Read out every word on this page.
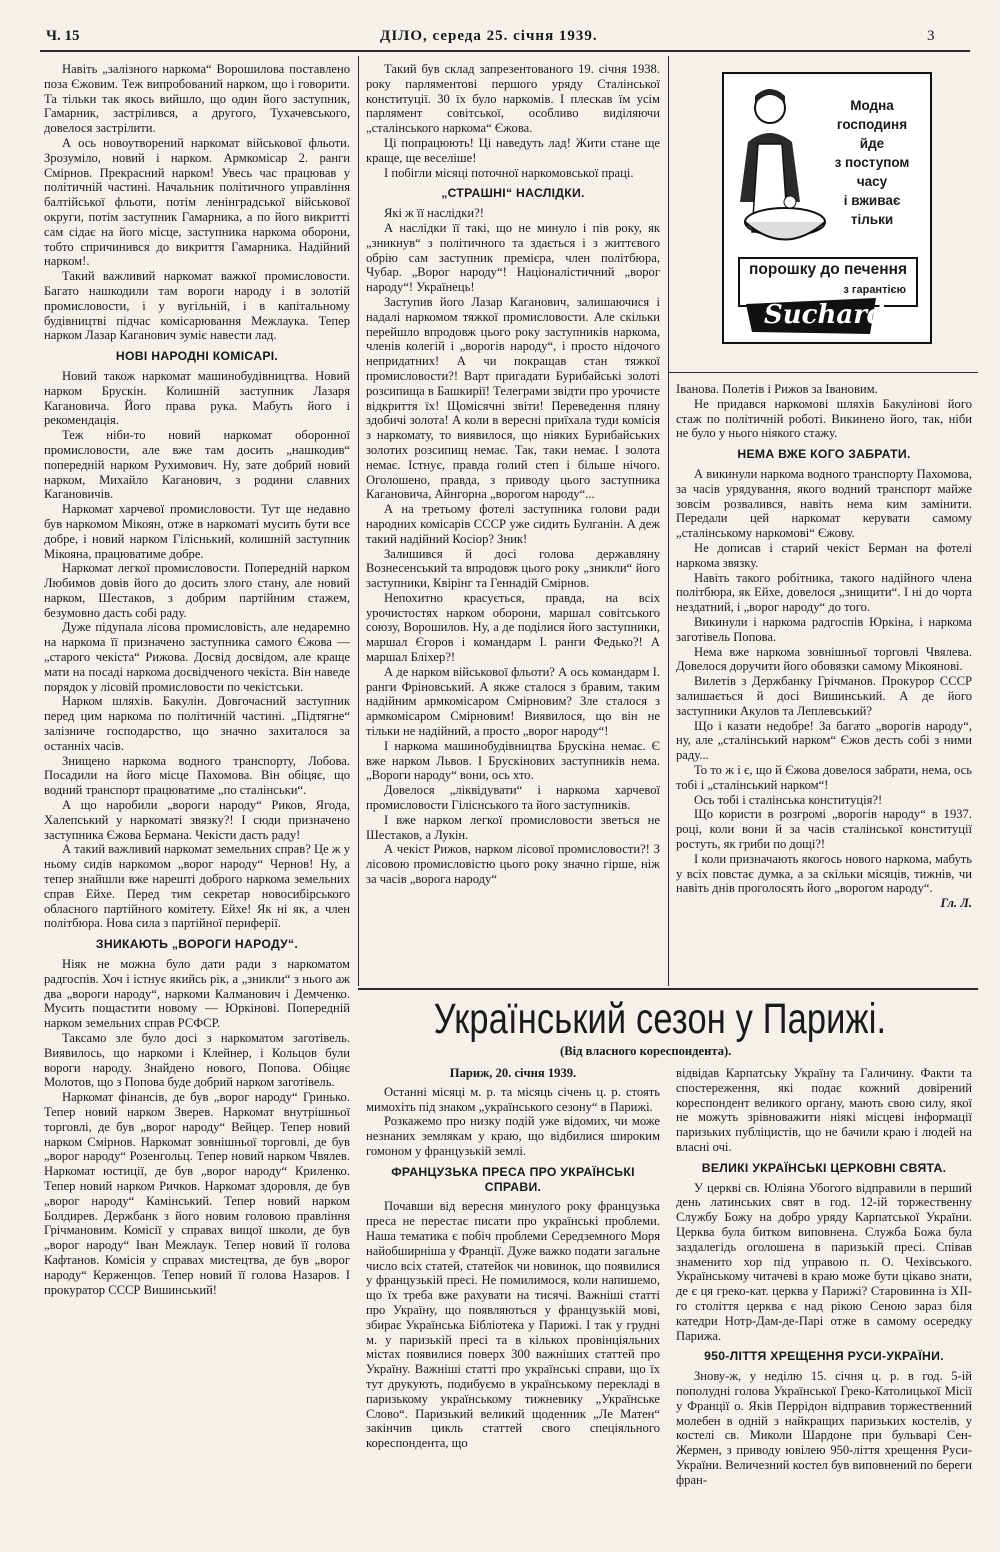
Ч. 15	ДІЛО, середа 25. січня 1939.	3

Навіть „залізного наркома“ Ворошилова поставлено поза Єжовим. Теж випробований нарком, що і говорити. Та тільки так якось вийшло, що один його заступник, Гамарник, застрілився, а другого, Тухачевського, довелося застрілити.

А ось новоутворений наркомат військової фльоти. Зрозуміло, новий і нарком. Армкомісар 2. ранги Смірнов. Прекрасний нарком! Увесь час працював у політичній частині. Начальник політичного управління балтійської фльоти, потім ленінградської військової округи, потім заступник Гамарника, а по його викритті сам сідає на його місце, заступника наркома оборони, тобто спричинився до викриття Гамарника. Надійний нарком!.

Такий важливий наркомат важкої промисловости. Багато нашкодили там вороги народу і в золотій промисловости, і у вугільній, і в капітальному будівництві підчас комісарювання Межлаука. Тепер нарком Лазар Каганович зуміє навести лад.

НОВІ НАРОДНІ КОМІСАРІ.

Новий також наркомат машинобудівництва. Новий нарком Брускін. Колишній заступник Лазаря Кагановича. Його права рука. Мабуть його і рекомендація.

Теж ніби-то новий наркомат оборонної промисловости, але вже там досить „нашкодив“ попередній нарком Рухимович. Ну, зате добрий новий нарком, Михайло Каганович, з родини славних Кагановичів.

Наркомат харчевої промисловости. Тут ще недавно був наркомом Мікоян, отже в наркоматі мусить бути все добре, і новий нарком Гіліснький, колишній заступник Мікояна, працюватиме добре.

Наркомат легкої промисловости. Попередній нарком Любимов довів його до досить злого стану, але новий нарком, Шестаков, з добрим партійним стажем, безумовно дасть собі раду.

Дуже підупала лісова промисловість, але недаремно на наркома її призначено заступника самого Єжова — „старого чекіста“ Рижова. Досвід досвідом, але краще мати на посаді наркома досвідченого чекіста. Він наведе порядок у лісовій промисловости по чекістськи.

Нарком шляхів. Бакулін. Довгочасний заступник перед цим наркома по політичній частині. „Підтягне“ залізниче господарство, що значно захиталося за останніх часів.

Знищено наркома водного транспорту, Лобова. Посадили на його місце Пахомова. Він обіцяє, що водний транспорт працюватиме „по сталінськи“.

А що наробили „вороги народу“ Риков, Ягода, Халепський у наркоматі звязку?! І сюди призначено заступника Єжова Бермана. Чекісти дасть раду!

А такий важливий наркомат земельних справ? Це ж у ньому сидів наркомом „ворог народу“ Чернов! Ну, а тепер знайшли вже нарешті доброго наркома земельних справ Ейхе. Перед тим секретар новосибірського обласного партійного комітету. Ейхе! Як ні як, а член політбюра. Нова сила з партійної периферії.

ЗНИКАЮТЬ „ВОРОГИ НАРОДУ“.

Ніяк не можна було дати ради з наркоматом радгоспів. Хоч і істнує якийсь рік, а „зникли“ з нього аж два „вороги народу“, наркоми Калманович і Демченко. Мусить пощастити новому — Юркінові. Попередній нарком земельних справ РСФСР.

Таксамо зле було досі з наркоматом заготівель. Виявилось, що наркоми і Клейнер, і Кольцов були вороги народу. Знайдено нового, Попова. Обіцяє Молотов, що з Попова буде добрий нарком заготівель.

Наркомат фінансів, де був „ворог народу“ Гринько. Тепер новий нарком Зверев. Наркомат внутрішньої торговлі, де був „ворог народу“ Вейцер. Тепер новий нарком Смірнов. Наркомат зовнішньої торговлі, де був „ворог народу“ Розенгольц. Тепер новий нарком Чвялев. Наркомат юстиції, де був „ворог народу“ Криленко. Тепер новий нарком Ричков. Наркомат здоровля, де був „ворог народу“ Камінський. Тепер новий нарком Болдирев. Держбанк з його новим головою правління Грічмановим. Комісії у справах вищої школи, де був „ворог народу“ Іван Межлаук. Тепер новий її голова Кафтанов. Комісія у справах мистецтва, де був „ворог народу“ Керженцов. Тепер новий її голова Назаров. І прокуратор СССР Вишинський!

Такий був склад запрезентованого 19. січня 1938. року парляментові першого уряду Сталінської конституції. 30 їх було наркомів. І плескав їм усім парлямент совітської, особливо виділяючи „сталінського наркома“ Єжова.

Ці попрацюють! Ці наведуть лад! Жити стане ще краще, ще веселіше!

І побігли місяці поточної наркомовської праці.

„СТРАШНІ“ НАСЛІДКИ.

Які ж її наслідки?!

А наслідки її такі, що не минуло і пів року, як „зникнув“ з політичного та здається і з життєвого обрію сам заступник премієра, член політбюра, Чубар. „Ворог народу“! Націоналістичний „ворог народу“! Українець!

Заступив його Лазар Каганович, залишаючися і надалі наркомом тяжкої промисловости. Але скільки перейшло впродовж цього року заступників наркома, членів колегій і „ворогів народу“, і просто нідочого непридатних! А чи покращав стан тяжкої промисловости?! Варт пригадати Бурибайські золоті розсипища в Башкирії! Телеграми звідти про урочисте відкриття їх! Щомісячні звіти! Переведення пляну здобичі золота! А коли в вересні приїхала туди комісія з наркомату, то виявилося, що ніяких Бурибайських золотих розсипищ немає. Так, таки немає. І золота немає. Істнує, правда голий степ і більше нічого. Оголошено, правда, з приводу цього заступника Кагановича, Айнгорна „ворогом народу“...

А на третьому фотелі заступника голови ради народних комісарів СССР уже сидить Булганін. А деж такий надійний Косіор? Зник!

Залишився й досі голова державляну Вознесенський та впродовж цього року „зникли“ його заступники, Квірінг та Геннадій Смірнов.

Непохитно красується, правда, на всіх урочистостях нарком оборони, маршал совітського союзу, Ворошилов. Ну, а де поділися його заступники, маршал Єгоров і командарм І. ранги Федько?! А маршал Бліхер?!

А де нарком військової фльоти? А ось командарм І. ранги Фріновський. А якже сталося з бравим, таким надійним армкомісаром Смірновим? Зле сталося з армкомісаром Смірновим! Виявилося, що він не тільки не надійний, а просто „ворог народу“!

І наркома машинобудівництва Брускіна немає. Є вже нарком Львов. І Брускінових заступників нема. „Вороги народу“ вони, ось хто.

Довелося „ліквідувати“ і наркома харчевої промисловости Гіліснського та його заступників.

І вже нарком легкої промисловости зветься не Шестаков, а Лукін.

А чекіст Рижов, нарком лісової промисловости?! З лісовою промисловістю цього року значно гірше, ніж за часів „ворога народу“

Модна
господиня
йде
з поступом
часу
і вживає
тільки
порошку до печення
з гарантією
Suchard

Іванова. Полетів і Рижов за Івановим.

Не придався наркомові шляхів Бакуліновi його стаж по політичній роботі. Викинено його, так, ніби не було у нього ніякого стажу.

НЕМА ВЖЕ КОГО ЗАБРАТИ.

А викинули наркома водного транспорту Пахомова, за часів урядування, якого водний транспорт майже зовсім розвалився, навіть нема ким замінити. Передали цей наркомат керувати самому „сталінському наркомові“ Єжову.

Не дописав і старий чекіст Берман на фотелі наркома звязку.

Навіть такого робітника, такого надійного члена політбюра, як Ейхе, довелося „знищити“. І ні до чорта нездатний, і „ворог народу“ до того.

Викинули і наркома радгоспів Юркіна, і наркома заготівель Попова.

Нема вже наркома зовнішньої торговлі Чвялева. Довелося доручити його обовязки самому Мікоянові.

Вилетів з Держбанку Грічманов. Прокурор СССР залишається й досі Вишинський. А де його заступники Акулов та Леплевський?

Що і казати недобре! За багато „ворогів народу“, ну, але „сталінський нарком“ Єжов десть собі з ними раду...

То то ж і є, що й Єжова довелося забрати, нема, ось тобі і „сталінський нарком“!

Ось тобі і сталінська конституція?!

Що користи в розгромі „ворогів народу“ в 1937. році, коли вони й за часів сталінської конституції ростуть, як гриби по дощі?!

І коли призначають якогось нового наркома, мабуть у всіх повстає думка, а за скільки місяців, тижнів, чи навіть днів проголосять його „ворогом народу“.

Гл. Л.
Український сезон у Парижі.
(Від власного кореспондента).

Париж, 20. січня 1939.

Останні місяці м. р. та місяць січень ц. р. стоять мимохіть під знаком „українського сезону“ в Парижі.

Розкажемо про низку подій уже відомих, чи може незнаних землякам у краю, що відбилися широким гомоном у французькій землі.

ФРАНЦУЗЬКА ПРЕСА ПРО УКРАЇНСЬКІ СПРАВИ.

Почавши від вересня минулого року французька преса не перестає писати про українські проблеми. Наша тематика є побіч проблеми Середземного Моря найобширніша у Франції. Дуже важко подати загальне число всіх статей, статейок чи новинок, що появилися у французькій пресі. Не помилимося, коли напишемо, що їх треба вже рахувати на тисячі. Важніші статті про Україну, що появляються у французькій мові, збирає Українська Бібліотека у Парижі. І так у грудні м. у паризькій пресі та в кількох провінціяльних містах появилися поверх 300 важніших статтей про Україну. Важніші статті про українські справи, що їх тут друкують, подибуємо в українському перекладі в паризькому українському тижневику „Українське Слово“. Паризький великий щоденник „Ле Матен“ закінчив цикль статтей свого спеціяльного кореспондента, що

відвідав Карпатську Україну та Галичину. Факти та спостереження, які подає кожний довірений кореспондент великого органу, мають свою силу, якої не можуть зрівноважити ніякі місцеві інформації паризьких публіцистів, що не бачили краю і людей на власні очі.

ВЕЛИКІ УКРАЇНСЬКІ ЦЕРКОВНІ СВЯТА.

У церкві св. Юліяна Убогого відправили в перший день латинських свят в год. 12-ій торжественну Службу Божу на добро уряду Карпатської України. Церква була битком виповнена. Служба Божа була заздалегідь оголошена в паризькій пресі. Співав знаменито хор під управою п. О. Чехівського. Українському читачеві в краю може бути цікаво знати, де є ця греко-кат. церква у Парижі? Старовинна із XII-го століття церква є над рікою Сеною зараз біля катедри Нотр-Дам-де-Парі отже в самому осередку Парижа.

950-ЛІТТЯ ХРЕЩЕННЯ РУСИ-УКРАЇНИ.

Знову-ж, у неділю 15. січня ц. р. в год. 5-ій пополудні голова Української Греко-Католицької Місії у Франції о. Яків Перрідон відправив торжественний молебен в одній з найкращих паризьких костелів, у костелі св. Миколи Шардоне при бульварі Сен-Жермен, з приводу ювілею 950-ліття хрещення Руси-України. Величезний костел був виповнений по береги фран-
